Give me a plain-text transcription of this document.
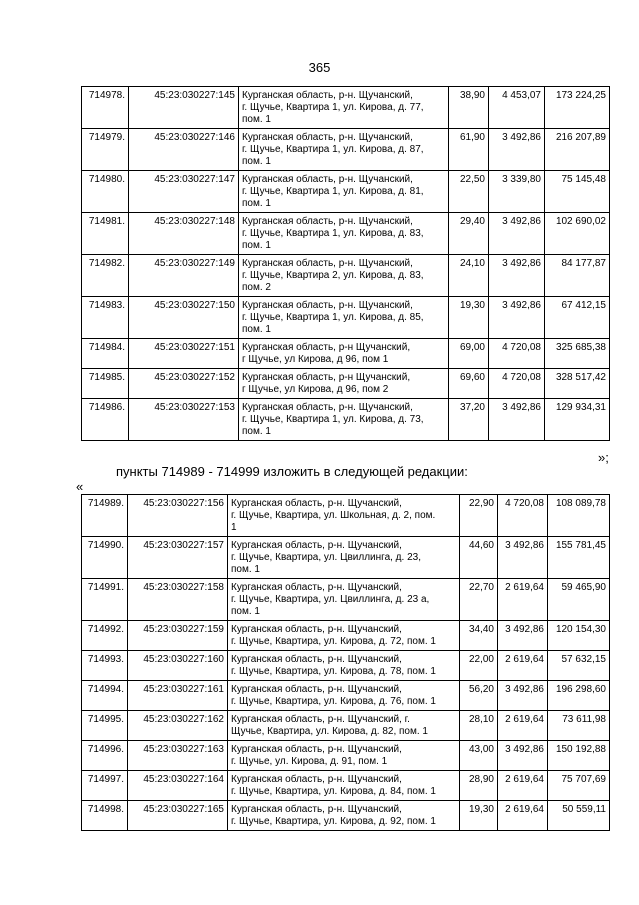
365
714978.	45:23:030227:145	Курганская область, р-н. Щучанский,
г. Щучье, Квартира 1, ул. Кирова, д. 77,
пом. 1	38,90	4 453,07	173 224,25
714979.	45:23:030227:146	Курганская область, р-н. Щучанский,
г. Щучье, Квартира 1, ул. Кирова, д. 87,
пом. 1	61,90	3 492,86	216 207,89
714980.	45:23:030227:147	Курганская область, р-н. Щучанский,
г. Щучье, Квартира 1, ул. Кирова, д. 81,
пом. 1	22,50	3 339,80	75 145,48
714981.	45:23:030227:148	Курганская область, р-н. Щучанский,
г. Щучье, Квартира 1, ул. Кирова, д. 83,
пом. 1	29,40	3 492,86	102 690,02
714982.	45:23:030227:149	Курганская область, р-н. Щучанский,
г. Щучье, Квартира 2, ул. Кирова, д. 83,
пом. 2	24,10	3 492,86	84 177,87
714983.	45:23:030227:150	Курганская область, р-н. Щучанский,
г. Щучье, Квартира 1, ул. Кирова, д. 85,
пом. 1	19,30	3 492,86	67 412,15
714984.	45:23:030227:151	Курганская область, р-н Щучанский,
г Щучье, ул Кирова, д 96, пом 1	69,00	4 720,08	325 685,38
714985.	45:23:030227:152	Курганская область, р-н Щучанский,
г Щучье, ул Кирова, д 96, пом 2	69,60	4 720,08	328 517,42
714986.	45:23:030227:153	Курганская область, р-н. Щучанский,
г. Щучье, Квартира 1, ул. Кирова, д. 73,
пом. 1	37,20	3 492,86	129 934,31
»;
пункты 714989 - 714999 изложить в следующей редакции:
«
714989.	45:23:030227:156	Курганская область, р-н. Щучанский,
г. Щучье, Квартира, ул. Школьная, д. 2, пом.
1	22,90	4 720,08	108 089,78
714990.	45:23:030227:157	Курганская область, р-н. Щучанский,
г. Щучье, Квартира, ул. Цвиллинга, д. 23,
пом. 1	44,60	3 492,86	155 781,45
714991.	45:23:030227:158	Курганская область, р-н. Щучанский,
г. Щучье, Квартира, ул. Цвиллинга, д. 23 а,
пом. 1	22,70	2 619,64	59 465,90
714992.	45:23:030227:159	Курганская область, р-н. Щучанский,
г. Щучье, Квартира, ул. Кирова, д. 72, пом. 1	34,40	3 492,86	120 154,30
714993.	45:23:030227:160	Курганская область, р-н. Щучанский,
г. Щучье, Квартира, ул. Кирова, д. 78, пом. 1	22,00	2 619,64	57 632,15
714994.	45:23:030227:161	Курганская область, р-н. Щучанский,
г. Щучье, Квартира, ул. Кирова, д. 76, пом. 1	56,20	3 492,86	196 298,60
714995.	45:23:030227:162	Курганская область, р-н. Щучанский, г.
Щучье, Квартира, ул. Кирова, д. 82, пом. 1	28,10	2 619,64	73 611,98
714996.	45:23:030227:163	Курганская область, р-н. Щучанский,
г. Щучье, ул. Кирова, д. 91, пом. 1	43,00	3 492,86	150 192,88
714997.	45:23:030227:164	Курганская область, р-н. Щучанский,
г. Щучье, Квартира, ул. Кирова, д. 84, пом. 1	28,90	2 619,64	75 707,69
714998.	45:23:030227:165	Курганская область, р-н. Щучанский,
г. Щучье, Квартира, ул. Кирова, д. 92, пом. 1	19,30	2 619,64	50 559,11
